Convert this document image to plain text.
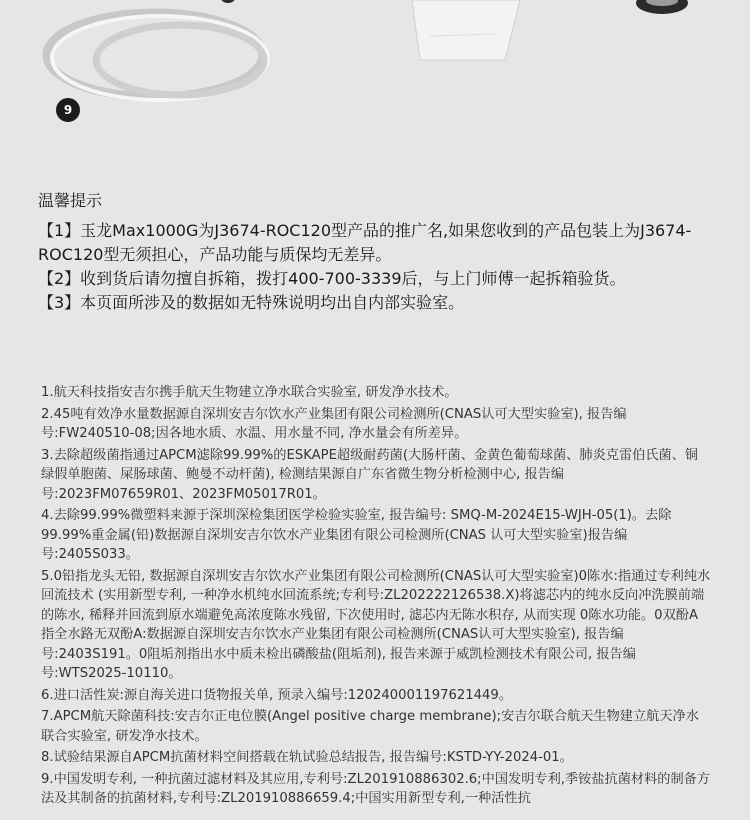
9

温馨提示

【1】玉龙Max1000G为J3674-ROC120型产品的推广名,如果您收到的产品包装上为J3674-ROC120型无须担心，产品功能与质保均无差异。

【2】收到货后请勿擅自拆箱，拨打400-700-3339后，与上门师傅一起拆箱验货。

【3】本页面所涉及的数据如无特殊说明均出自内部实验室。

1.航天科技指安吉尔携手航天生物建立净水联合实验室, 研发净水技术。

2.45吨有效净水量数据源自深圳安吉尔饮水产业集团有限公司检测所(CNAS认可大型实验室), 报告编号:FW240510-08;因各地水质、水温、用水量不同, 净水量会有所差异。

3.去除超级菌指通过APCM滤除99.99%的ESKAPE超级耐药菌(大肠杆菌、金黄色葡萄球菌、肺炎克雷伯氏菌、铜绿假单胞菌、屎肠球菌、鲍曼不动杆菌), 检测结果源自广东省微生物分析检测中心, 报告编号:2023FM07659R01、2023FM05017R01。

4.去除99.99%微塑料来源于深圳深检集团医学检验实验室, 报告编号: SMQ-M-2024E15-WJH-05(1)。去除99.99%重金属(铅)数据源自深圳安吉尔饮水产业集团有限公司检测所(CNAS 认可大型实验室)报告编号:2405S033。

5.0铅指龙头无铅, 数据源自深圳安吉尔饮水产业集团有限公司检测所(CNAS认可大型实验室)0陈水:指通过专利纯水回流技术 (实用新型专利, 一种净水机纯水回流系统;专利号:ZL202222126538.X)将滤芯内的纯水反向冲洗膜前端的陈水, 稀释并回流到原水端避免高浓度陈水残留, 下次使用时, 滤芯内无陈水积存, 从而实现 0陈水功能。0双酚A指全水路无双酚A:数据源自深圳安吉尔饮水产业集团有限公司检测所(CNAS认可大型实验室), 报告编号:2403S191。0阻垢剂指出水中质未检出磷酸盐(阻垢剂), 报告来源于威凯检测技术有限公司, 报告编号:WTS2025-10110。

6.进口活性炭:源自海关进口货物报关单, 预录入编号:120240001197621449。

7.APCM航天除菌科技:安吉尔正电位膜(Angel positive charge membrane);安吉尔联合航天生物建立航天净水联合实验室, 研发净水技术。

8.试验结果源自APCM抗菌材料空间搭载在轨试验总结报告, 报告编号:KSTD-YY-2024-01。

9.中国发明专利, 一种抗菌过滤材料及其应用,专利号:ZL201910886302.6;中国发明专利,季铵盐抗菌材料的制备方法及其制备的抗菌材料,专利号:ZL201910886659.4;中国实用新型专利,一种活性抗
